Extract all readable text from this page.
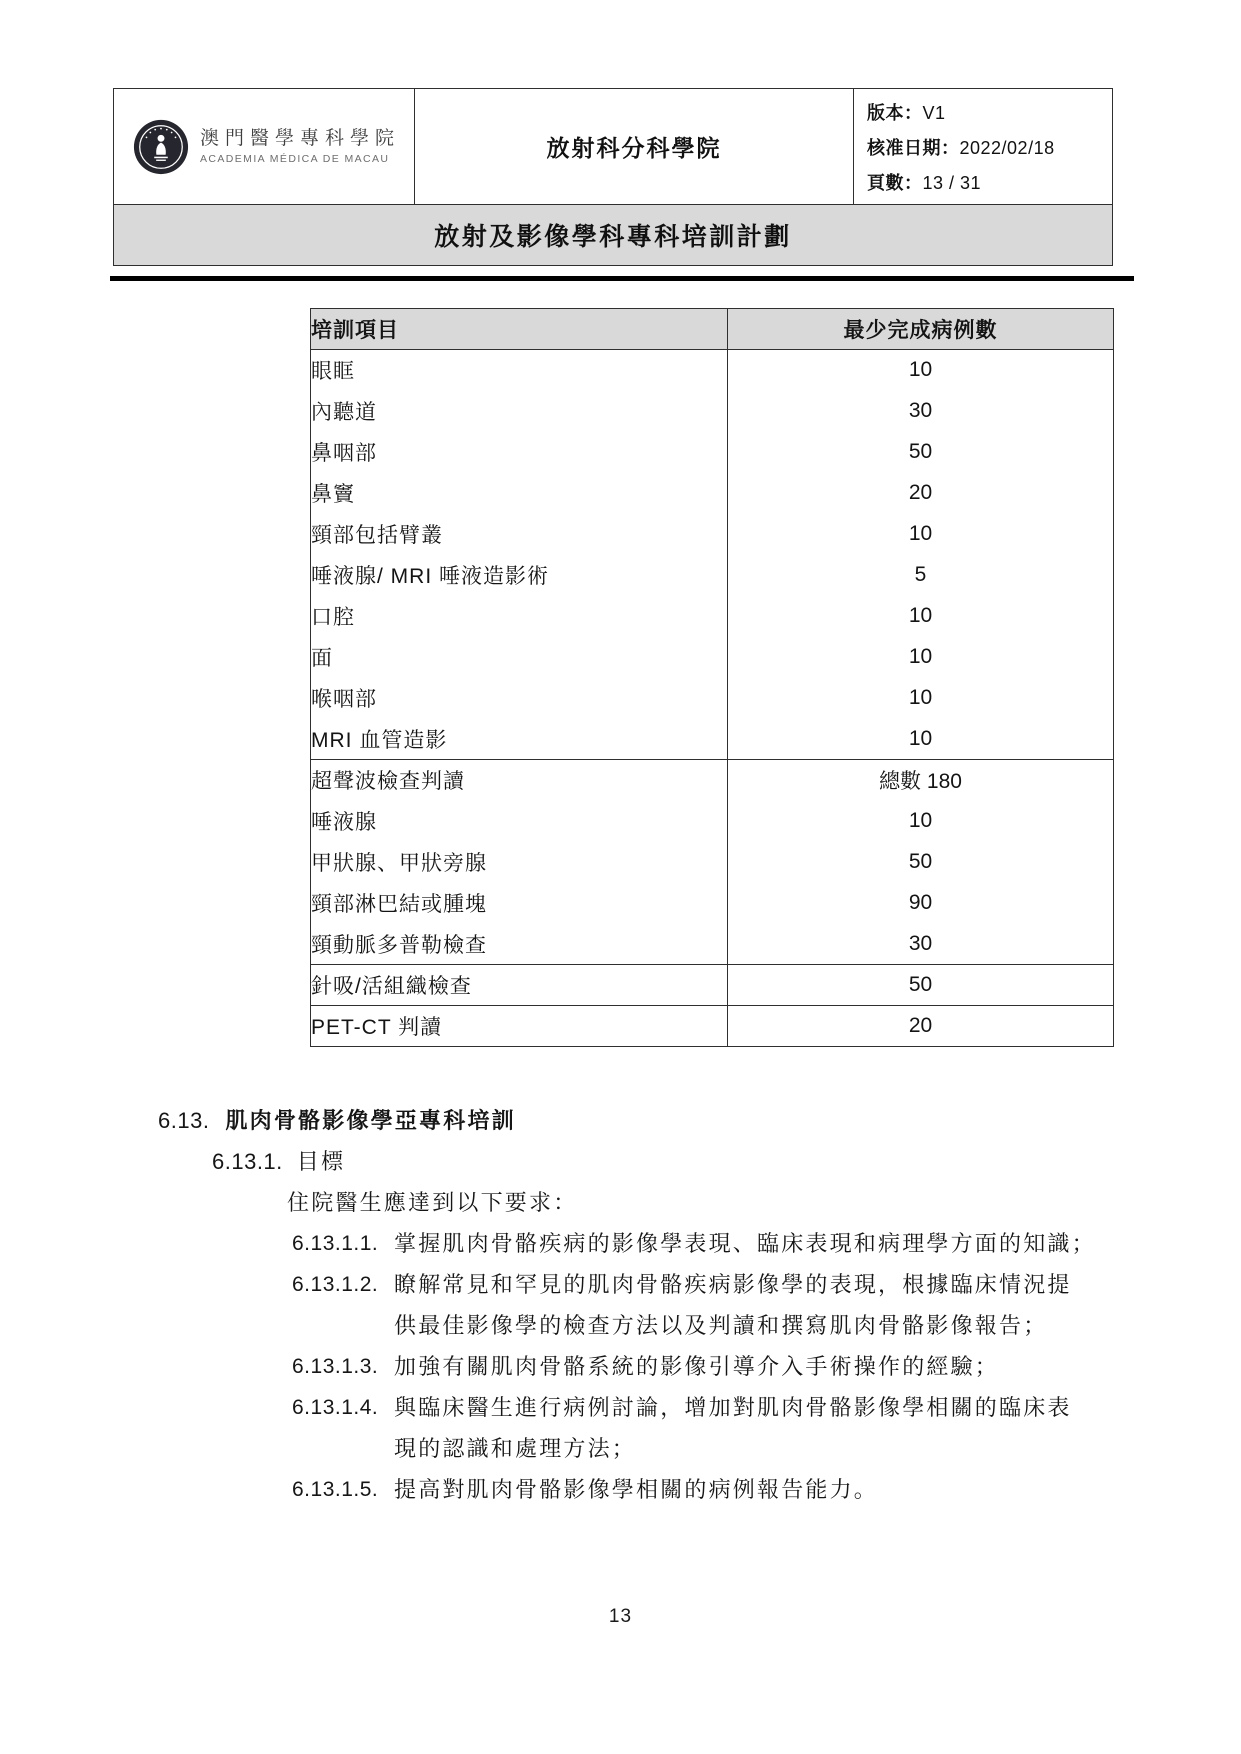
澳門醫學專科學院
ACADEMIA MÉDICA DE MACAU	放射科分科學院
版本：V1
核准日期：2022/02/18
頁數：13 / 31
放射及影像學科專科培訓計劃
培訓項目	最少完成病例數
眼眶	10
內聽道	30
鼻咽部	50
鼻竇	20
頸部包括臂叢	10
唾液腺/ MRI 唾液造影術	5
口腔	10
面	10
喉咽部	10
MRI 血管造影	10
超聲波檢查判讀	總數 180
唾液腺	10
甲狀腺、甲狀旁腺	50
頸部淋巴結或腫塊	90
頸動脈多普勒檢查	30
針吸/活組織檢查	50
PET-CT 判讀	20
6.13. 肌肉骨骼影像學亞專科培訓
6.13.1. 目標
住院醫生應達到以下要求：
6.13.1.1. 掌握肌肉骨骼疾病的影像學表現、臨床表現和病理學方面的知識；
6.13.1.2. 瞭解常見和罕見的肌肉骨骼疾病影像學的表現，根據臨床情況提
供最佳影像學的檢查方法以及判讀和撰寫肌肉骨骼影像報告；
6.13.1.3. 加強有關肌肉骨骼系統的影像引導介入手術操作的經驗；
6.13.1.4. 與臨床醫生進行病例討論，增加對肌肉骨骼影像學相關的臨床表
現的認識和處理方法；
6.13.1.5. 提高對肌肉骨骼影像學相關的病例報告能力。
13
